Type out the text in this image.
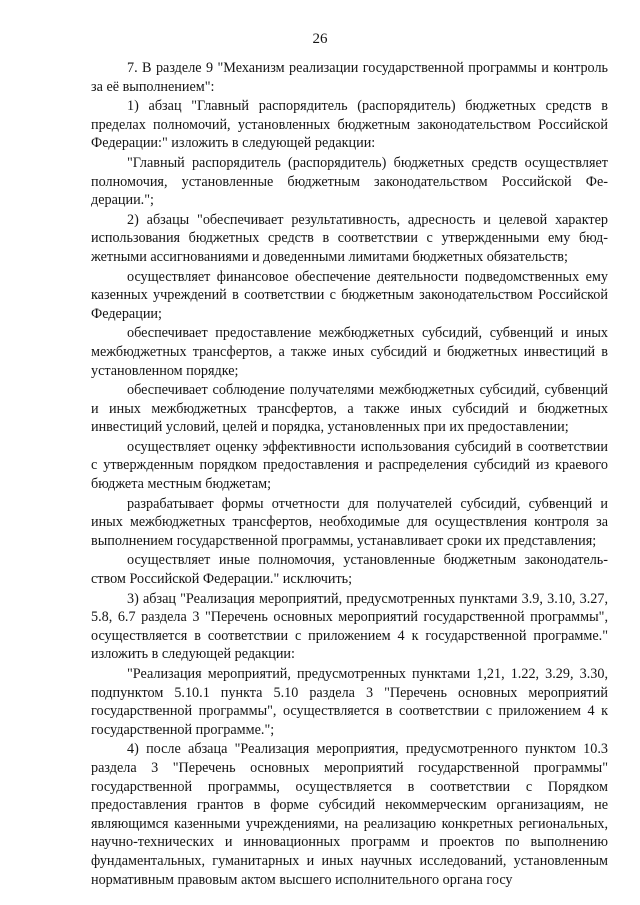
26

7. В разделе 9 "Механизм реализации государственной программы и контроль за её выполнением":

1) абзац "Главный распорядитель (распорядитель) бюджетных средств в пределах полномочий, установленных бюджетным законодательством Российской Федерации:" изложить в следующей редакции:

"Главный распорядитель (распорядитель) бюджетных средств осуществляет полномочия, установленные бюджетным законодательством Российской Федерации.";

2) абзацы "обеспечивает результативность, адресность и целевой характер использования бюджетных средств в соответствии с утвержденными ему бюджетными ассигнованиями и доведенными лимитами бюджетных обязательств;

осуществляет финансовое обеспечение деятельности подведомственных ему казенных учреждений в соответствии с бюджетным законодательством Российской Федерации;

обеспечивает предоставление межбюджетных субсидий, субвенций и иных межбюджетных трансфертов, а также иных субсидий и бюджетных инвестиций в установленном порядке;

обеспечивает соблюдение получателями межбюджетных субсидий, субвенций и иных межбюджетных трансфертов, а также иных субсидий и бюджетных инвестиций условий, целей и порядка, установленных при их предоставлении;

осуществляет оценку эффективности использования субсидий в соответствии с утвержденным порядком предоставления и распределения субсидий из краевого бюджета местным бюджетам;

разрабатывает формы отчетности для получателей субсидий, субвенций и иных межбюджетных трансфертов, необходимые для осуществления контроля за выполнением государственной программы, устанавливает сроки их представления;

осуществляет иные полномочия, установленные бюджетным законодательством Российской Федерации." исключить;

3) абзац "Реализация мероприятий, предусмотренных пунктами 3.9, 3.10, 3.27, 5.8, 6.7 раздела 3 "Перечень основных мероприятий государственной программы", осуществляется в соответствии с приложением 4 к государственной программе." изложить в следующей редакции:

"Реализация мероприятий, предусмотренных пунктами 1,21, 1.22, 3.29, 3.30, подпунктом 5.10.1 пункта 5.10 раздела 3 "Перечень основных мероприятий государственной программы", осуществляется в соответствии с приложением 4 к государственной программе.";

4) после абзаца "Реализация мероприятия, предусмотренного пунктом 10.3 раздела 3 "Перечень основных мероприятий государственной программы" государственной программы, осуществляется в соответствии с Порядком предоставления грантов в форме субсидий некоммерческим организациям, не являющимся казенными учреждениями, на реализацию конкретных региональных, научно-технических и инновационных программ и проектов по выполнению фундаментальных, гуманитарных и иных научных исследований, установленным нормативным правовым актом высшего исполнительного органа госу
